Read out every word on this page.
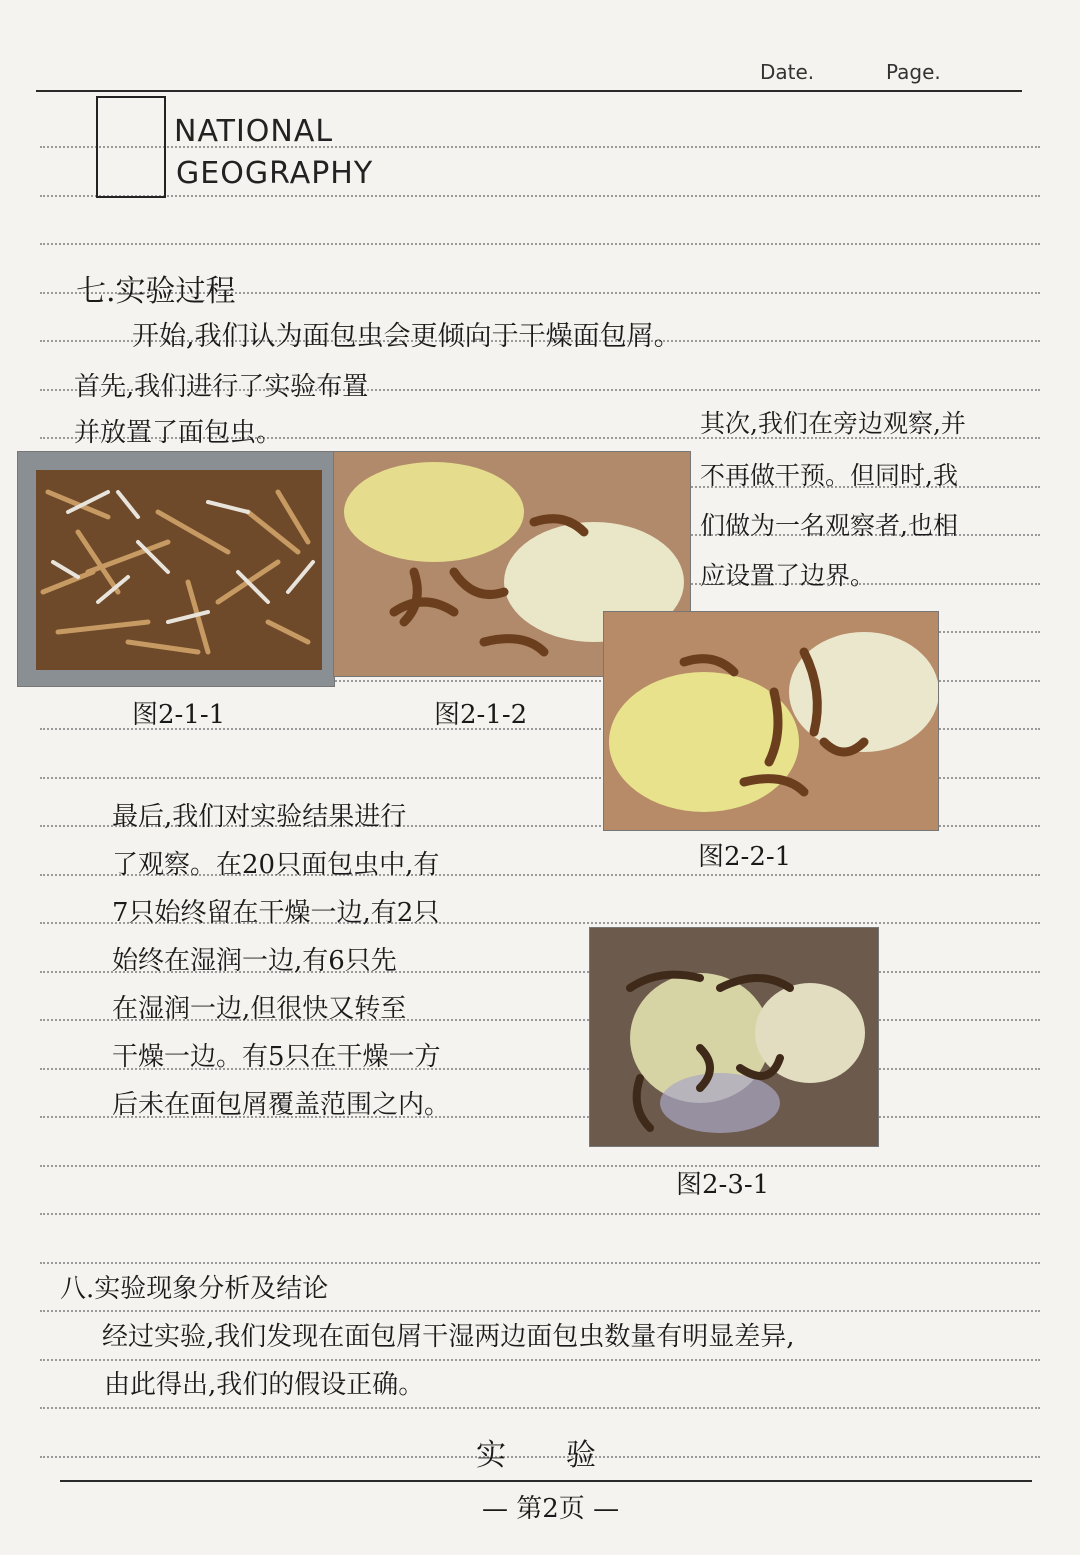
Date.	Page.
NATIONAL
GEOGRAPHY
七.实验过程
开始,我们认为面包虫会更倾向于干燥面包屑。
首先,我们进行了实验布置
并放置了面包虫。	其次,我们在旁边观察,并
不再做干预。但同时,我
们做为一名观察者,也相
应设置了边界。
图2-1-1	图2-1-2
图2-2-1
图2-3-1
最后,我们对实验结果进行
了观察。在20只面包虫中,有
7只始终留在干燥一边,有2只
始终在湿润一边,有6只先
在湿润一边,但很快又转至
干燥一边。有5只在干燥一方
后未在面包屑覆盖范围之内。
八.实验现象分析及结论
经过实验,我们发现在面包屑干湿两边面包虫数量有明显差异,
由此得出,我们的假设正确。
实　　验
— 第2页 —
